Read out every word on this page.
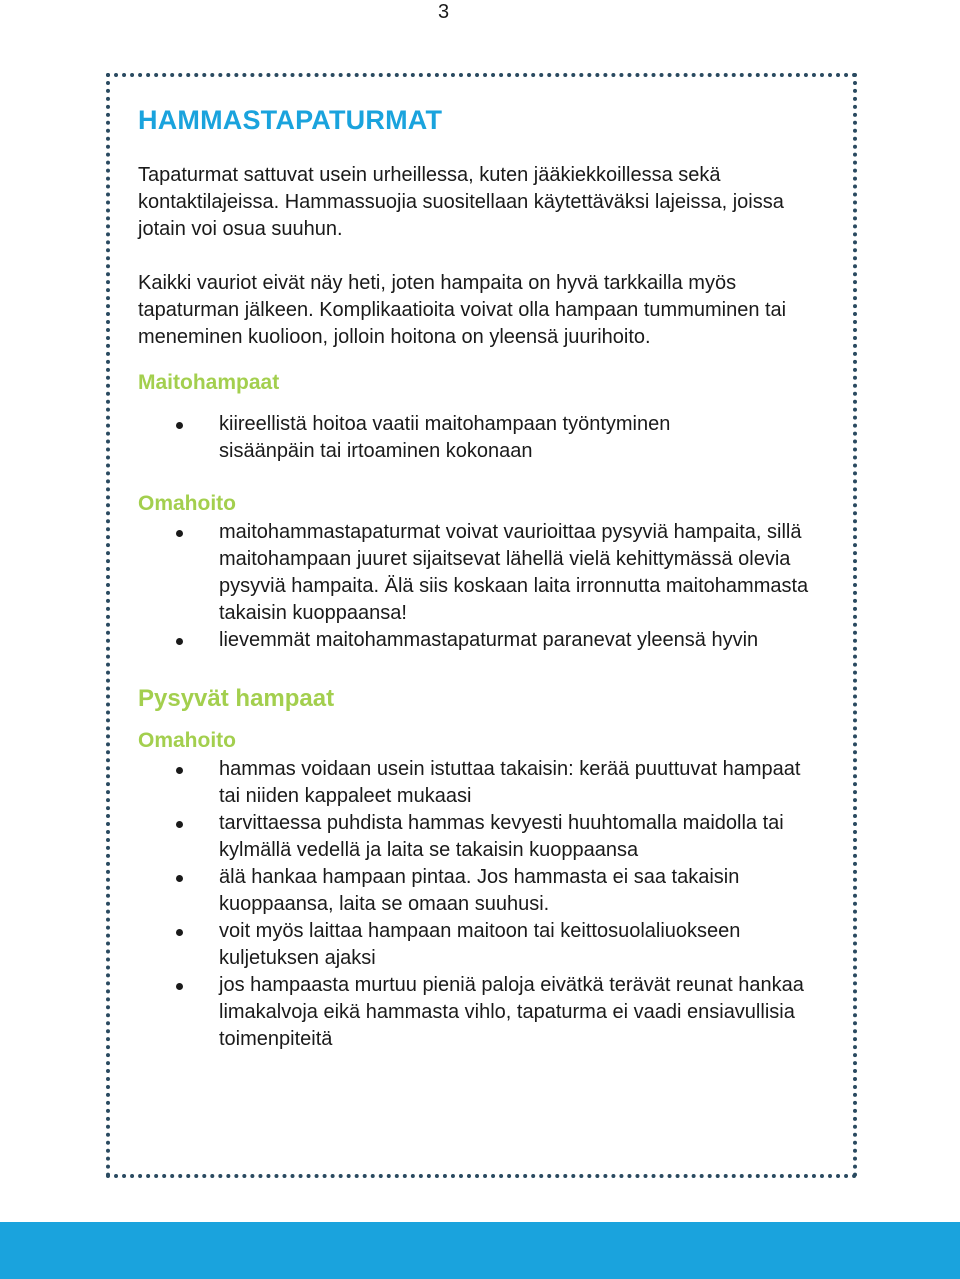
3
HAMMASTAPATURMAT

Tapaturmat sattuvat usein urheillessa, kuten jääkiekkoillessa sekä kontaktilajeissa. Hammassuojia suositellaan käytettäväksi lajeissa, joissa jotain voi osua suuhun.

Kaikki vauriot eivät näy heti, joten hampaita on hyvä tarkkailla myös tapaturman jälkeen. Komplikaatioita voivat olla hampaan tummuminen tai meneminen kuolioon, jolloin hoitona on yleensä juurihoito.

Maitohampaat
kiireellistä hoitoa vaatii maitohampaan työntyminen sisäänpäin tai irtoaminen kokonaan
Omahoito
maitohammastapaturmat voivat vaurioittaa pysyviä hampaita, sillä maitohampaan juuret sijaitsevat lähellä vielä kehittymässä olevia pysyviä hampaita. Älä siis koskaan laita irronnutta maitohammasta takaisin kuoppaansa!
lievemmät maitohammastapaturmat paranevat yleensä hyvin
Pysyvät hampaat
Omahoito
hammas voidaan usein istuttaa takaisin: kerää puuttuvat hampaat tai niiden kappaleet mukaasi
tarvittaessa puhdista hammas kevyesti huuhtomalla maidolla tai kylmällä vedellä ja laita se takaisin kuoppaansa
älä hankaa hampaan pintaa. Jos hammasta ei saa takaisin kuoppaansa, laita se omaan suuhusi.
voit myös laittaa hampaan maitoon tai keittosuolaliuokseen kuljetuksen ajaksi
jos hampaasta murtuu pieniä paloja eivätkä terävät reunat hankaa limakalvoja eikä hammasta vihlo, tapaturma ei vaadi ensiavullisia toimenpiteitä
